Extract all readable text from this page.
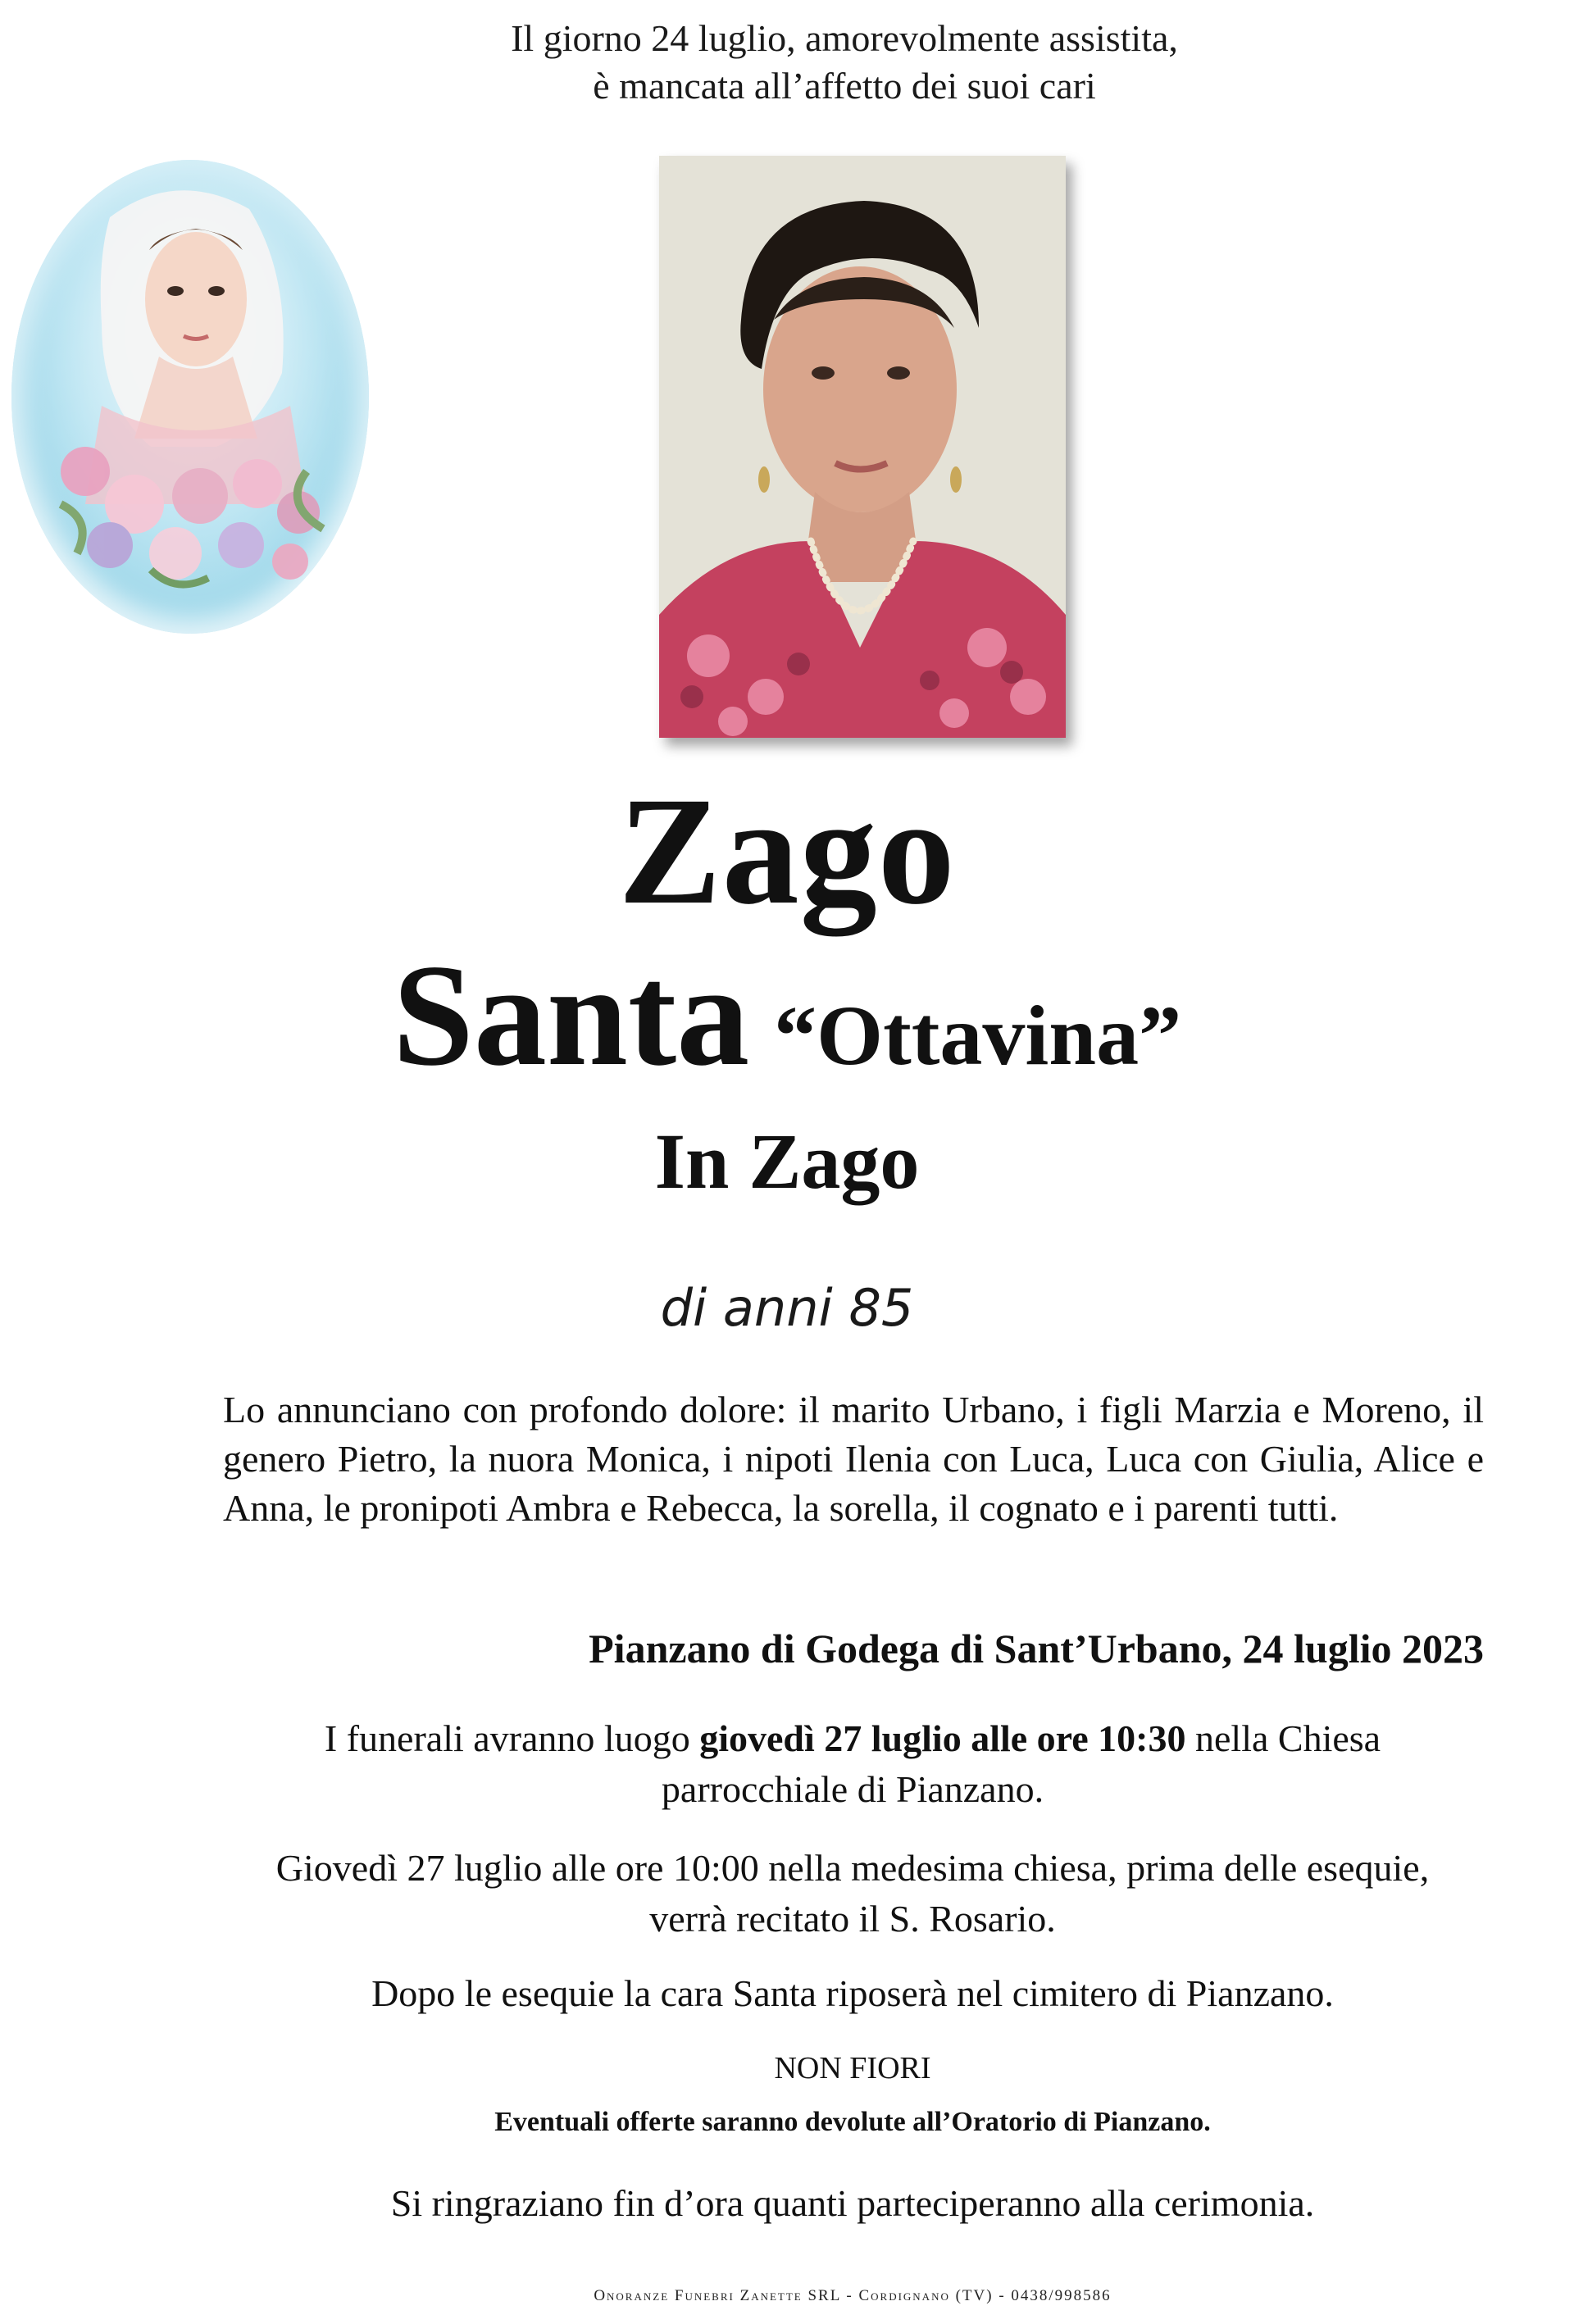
Il giorno 24 luglio, amorevolmente assistita,
è mancata all’affetto dei suoi cari
Zago
Santa “Ottavina”
In Zago
di anni 85
Lo annunciano con profondo dolore: il marito Urbano, i figli Marzia e Moreno, il genero Pietro, la nuora Monica, i nipoti Ilenia con Luca, Luca con Giulia, Alice e Anna, le pronipoti Ambra e Rebecca, la sorella, il cognato e i parenti tutti.
Pianzano di Godega di Sant’Urbano, 24 luglio 2023
I funerali avranno luogo giovedì 27 luglio alle ore 10:30 nella Chiesa parrocchiale di Pianzano.
Giovedì 27 luglio alle ore 10:00 nella medesima chiesa, prima delle esequie, verrà recitato il S. Rosario.
Dopo le esequie la cara Santa riposerà nel cimitero di Pianzano.
NON FIORI
Eventuali offerte saranno devolute all’Oratorio di Pianzano.
Si ringraziano fin d’ora quanti parteciperanno alla cerimonia.
Onoranze Funebri Zanette SRL - Cordignano (TV) - 0438/998586
